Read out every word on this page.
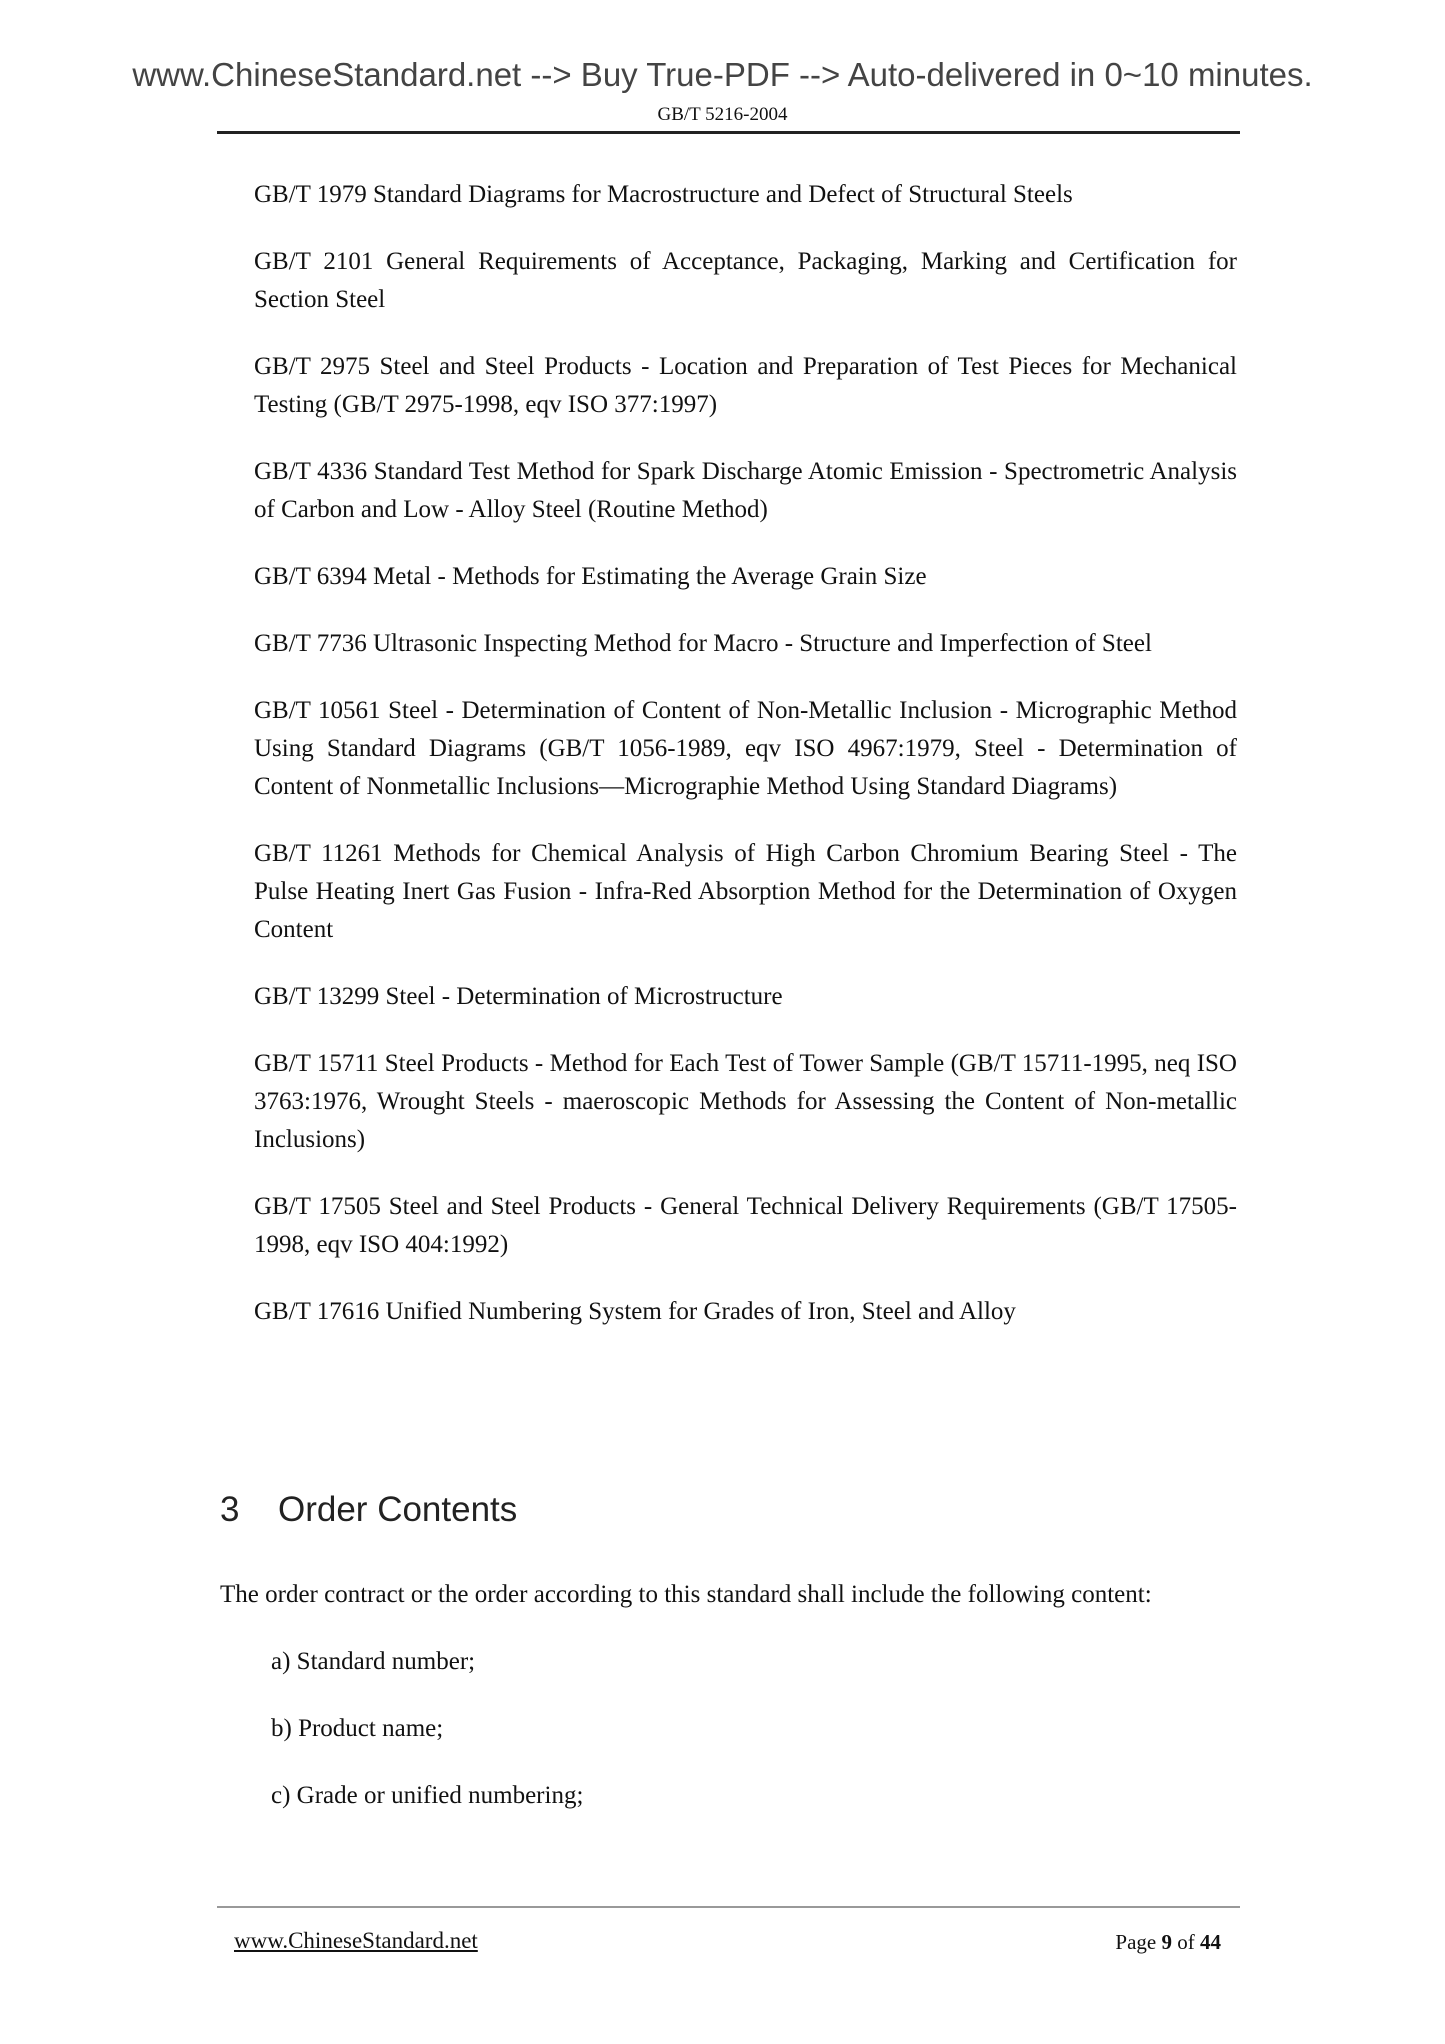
www.ChineseStandard.net --> Buy True-PDF --> Auto-delivered in 0~10 minutes.
GB/T 5216-2004

GB/T 1979 Standard Diagrams for Macrostructure and Defect of Structural Steels

GB/T 2101 General Requirements of Acceptance, Packaging, Marking and Certification for Section Steel

GB/T 2975 Steel and Steel Products - Location and Preparation of Test Pieces for Mechanical Testing (GB/T 2975-1998, eqv ISO 377:1997)

GB/T 4336 Standard Test Method for Spark Discharge Atomic Emission - Spectrometric Analysis of Carbon and Low - Alloy Steel (Routine Method)

GB/T 6394 Metal - Methods for Estimating the Average Grain Size

GB/T 7736 Ultrasonic Inspecting Method for Macro - Structure and Imperfection of Steel

GB/T 10561 Steel - Determination of Content of Non-Metallic Inclusion - Micrographic Method Using Standard Diagrams (GB/T 1056-1989, eqv ISO 4967:1979, Steel - Determination of Content of Nonmetallic Inclusions—Micrographie Method Using Standard Diagrams)

GB/T 11261 Methods for Chemical Analysis of High Carbon Chromium Bearing Steel - The Pulse Heating Inert Gas Fusion - Infra-Red Absorption Method for the Determination of Oxygen Content

GB/T 13299 Steel - Determination of Microstructure

GB/T 15711 Steel Products - Method for Each Test of Tower Sample (GB/T 15711-1995, neq ISO 3763:1976, Wrought Steels - maeroscopic Methods for Assessing the Content of Non-metallic Inclusions)

GB/T 17505 Steel and Steel Products - General Technical Delivery Requirements (GB/T 17505-1998, eqv ISO 404:1992)

GB/T 17616 Unified Numbering System for Grades of Iron, Steel and Alloy

3 Order Contents
The order contract or the order according to this standard shall include the following content:
a) Standard number;
b) Product name;
c) Grade or unified numbering;
www.ChineseStandard.net	Page 9 of 44
